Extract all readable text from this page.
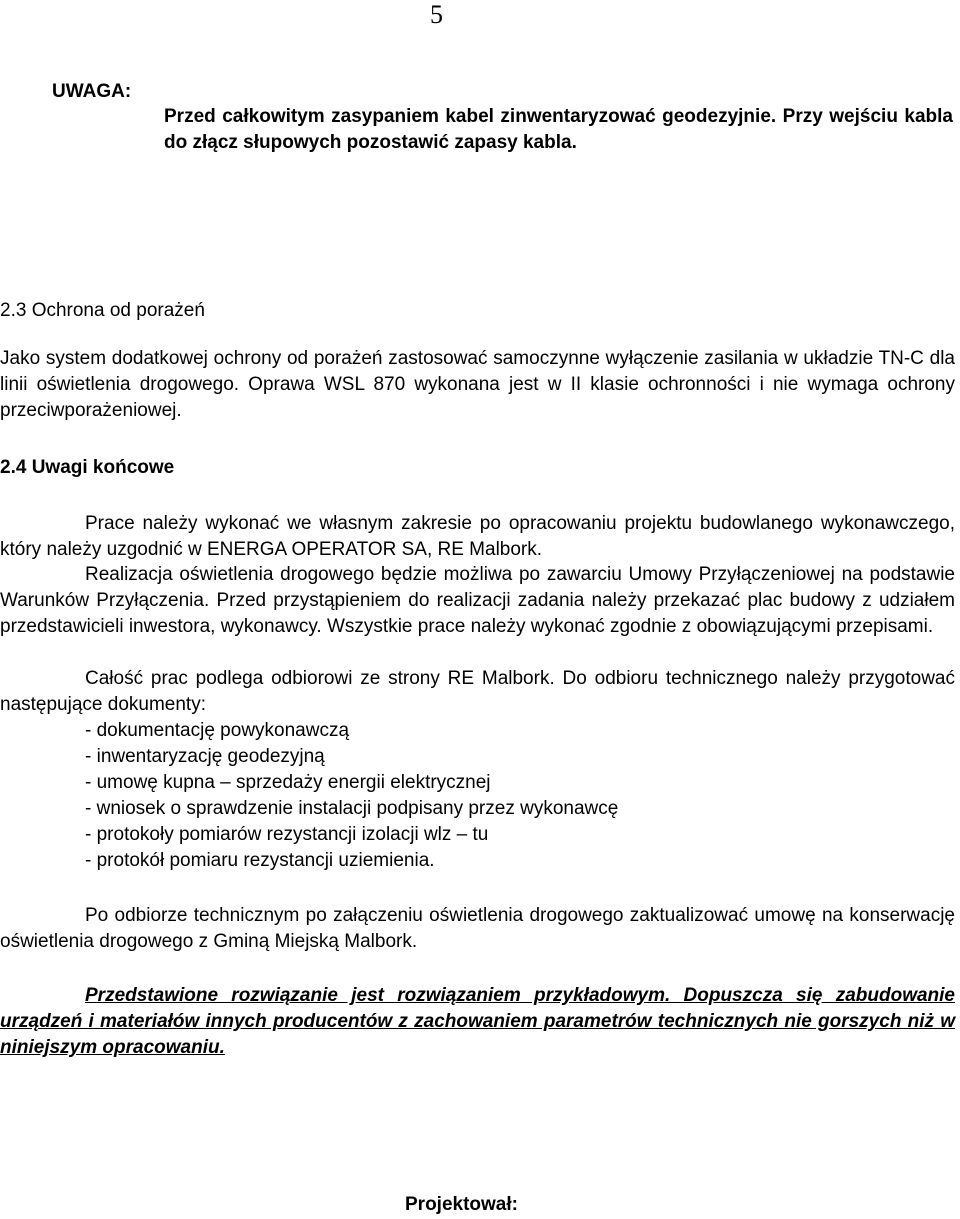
5
UWAGA:
Przed całkowitym zasypaniem kabel zinwentaryzować geodezyjnie. Przy wejściu kabla do złącz słupowych pozostawić zapasy kabla.
2.3 Ochrona od porażeń
Jako system dodatkowej ochrony od porażeń zastosować samoczynne wyłączenie zasilania w układzie TN-C dla linii oświetlenia drogowego. Oprawa WSL 870 wykonana jest w II klasie ochronności i nie wymaga ochrony przeciwporażeniowej.
2.4 Uwagi końcowe
Prace należy wykonać we własnym zakresie po opracowaniu projektu budowlanego wykonawczego, który należy uzgodnić w ENERGA OPERATOR SA, RE Malbork.
Realizacja oświetlenia drogowego będzie możliwa po zawarciu Umowy Przyłączeniowej na podstawie Warunków Przyłączenia. Przed przystąpieniem do realizacji zadania należy przekazać plac budowy z udziałem przedstawicieli inwestora, wykonawcy. Wszystkie prace należy wykonać zgodnie z obowiązującymi przepisami.
Całość prac podlega odbiorowi ze strony RE Malbork. Do odbioru technicznego należy przygotować następujące dokumenty:
- dokumentację powykonawczą
- inwentaryzację geodezyjną
- umowę kupna – sprzedaży energii elektrycznej
- wniosek o sprawdzenie instalacji podpisany przez wykonawcę
- protokoły pomiarów rezystancji izolacji wlz – tu
- protokół pomiaru rezystancji uziemienia.
Po odbiorze technicznym po załączeniu oświetlenia drogowego zaktualizować umowę na konserwację oświetlenia drogowego z Gminą Miejską Malbork.
Przedstawione rozwiązanie jest rozwiązaniem przykładowym. Dopuszcza się zabudowanie urządzeń i materiałów innych producentów z zachowaniem parametrów technicznych nie gorszych niż w niniejszym opracowaniu.
Projektował:
